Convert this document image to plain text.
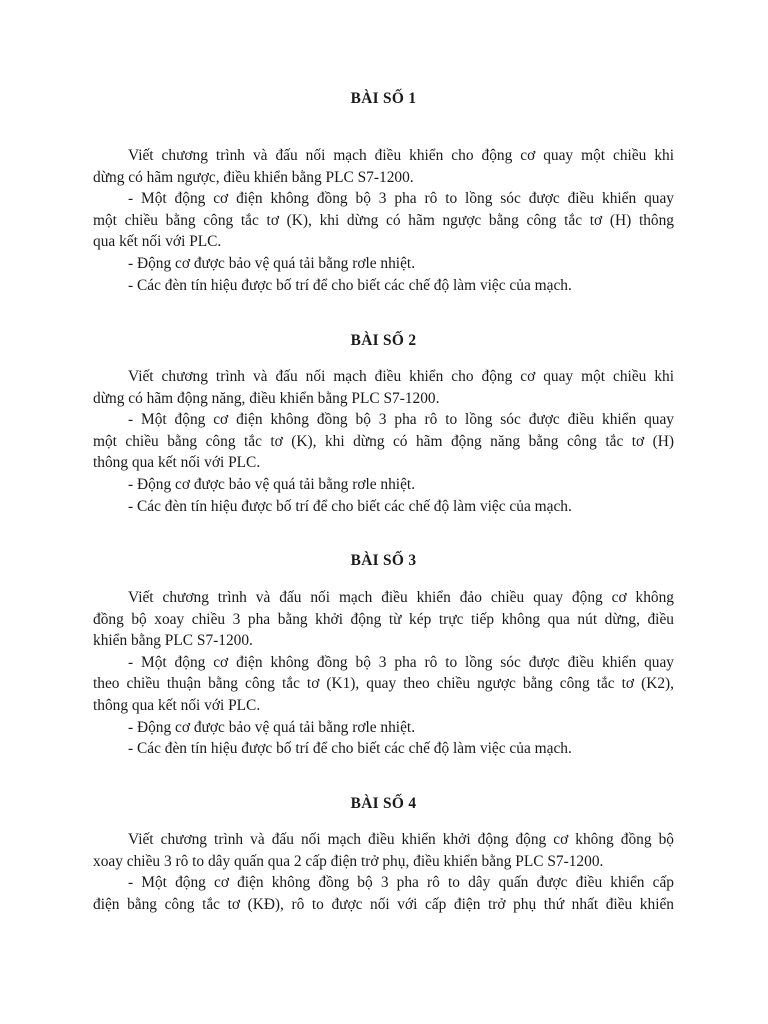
BÀI SỐ 1
Viết chương trình và đấu nối mạch điều khiển cho động cơ quay một chiều khi
dừng có hãm ngược, điều khiển bằng PLC S7-1200.
- Một động cơ điện không đồng bộ 3 pha rô to lồng sóc được điều khiển quay
một chiều bằng công tắc tơ (K), khi dừng có hãm ngược bằng công tắc tơ (H) thông
qua kết nối với PLC.
- Động cơ được bảo vệ quá tải bằng rơle nhiệt.
- Các đèn tín hiệu được bố trí để cho biết các chế độ làm việc của mạch.
BÀI SỐ 2
Viết chương trình và đấu nối mạch điều khiển cho động cơ quay một chiều khi
dừng có hãm động năng, điều khiển bằng PLC S7-1200.
- Một động cơ điện không đồng bộ 3 pha rô to lồng sóc được điều khiển quay
một chiều bằng công tắc tơ (K), khi dừng có hãm động năng bằng công tắc tơ (H)
thông qua kết nối với PLC.
- Động cơ được bảo vệ quá tải bằng rơle nhiệt.
- Các đèn tín hiệu được bố trí để cho biết các chế độ làm việc của mạch.
BÀI SỐ 3
Viết chương trình và đấu nối mạch điều khiển đảo chiều quay động cơ không
đồng bộ xoay chiều 3 pha bằng khởi động từ kép trực tiếp không qua nút dừng, điều
khiển bằng PLC S7-1200.
- Một động cơ điện không đồng bộ 3 pha rô to lồng sóc được điều khiển quay
theo chiều thuận bằng công tắc tơ (K1), quay theo chiều ngược bằng công tắc tơ (K2),
thông qua kết nối với PLC.
- Động cơ được bảo vệ quá tải bằng rơle nhiệt.
- Các đèn tín hiệu được bố trí để cho biết các chế độ làm việc của mạch.
BÀI SỐ 4
Viết chương trình và đấu nối mạch điều khiển khởi động động cơ không đồng bộ
xoay chiều 3 rô to dây quấn qua 2 cấp điện trở phụ, điều khiển bằng PLC S7-1200.
- Một động cơ điện không đồng bộ 3 pha rô to dây quấn được điều khiển cấp
điện bằng công tắc tơ (KĐ), rô to được nối với cấp điện trở phụ thứ nhất điều khiển
